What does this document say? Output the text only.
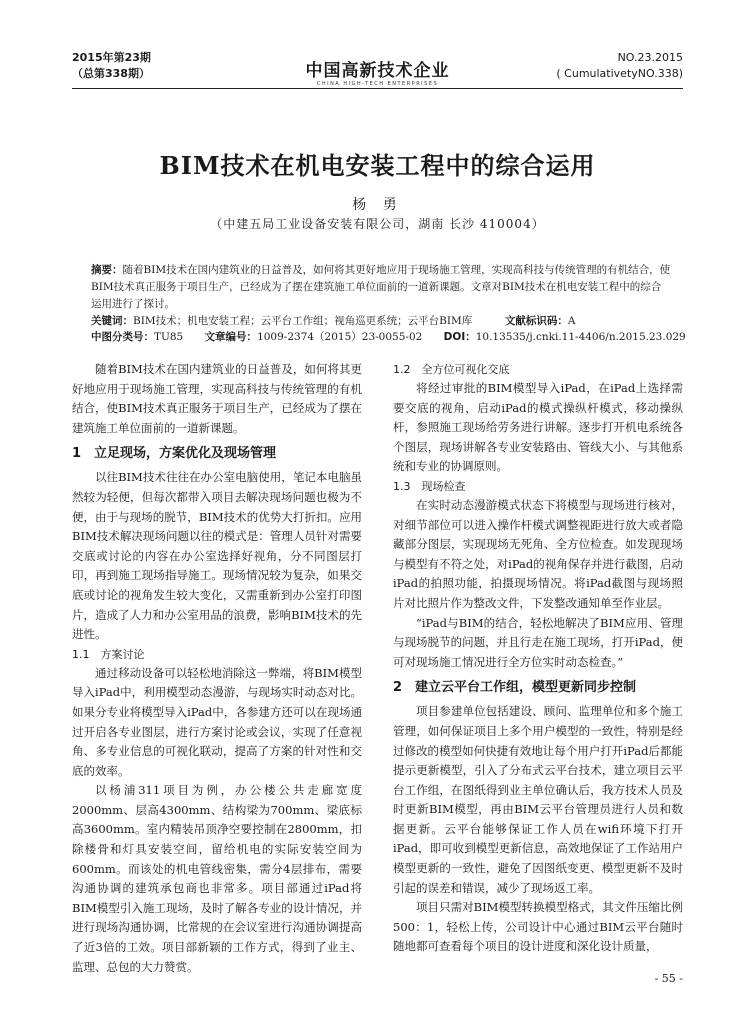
2015年第23期
（总第338期）	中国高新技术企业
CHINA HIGH-TECH ENTERPRISES
NO.23.2015
( CumulativetyNO.338)
BIM技术在机电安装工程中的综合运用
杨 勇
（中建五局工业设备安装有限公司，湖南 长沙 410004）
摘要：随着BIM技术在国内建筑业的日益普及，如何将其更好地应用于现场施工管理，实现高科技与传统管理的有机结合，使BIM技术真正服务于项目生产，已经成为了摆在建筑施工单位面前的一道新课题。文章对BIM技术在机电安装工程中的综合运用进行了探讨。
关键词：BIM技术；机电安装工程；云平台工作组；视角巡更系统；云平台BIM库	文献标识码：A
中图分类号：TU85 文章编号：1009-2374（2015）23-0055-02 DOI：10.13535/j.cnki.11-4406/n.2015.23.029

随着BIM技术在国内建筑业的日益普及，如何将其更好地应用于现场施工管理，实现高科技与传统管理的有机结合，使BIM技术真正服务于项目生产，已经成为了摆在建筑施工单位面前的一道新课题。

1　立足现场，方案优化及现场管理

以往BIM技术往往在办公室电脑使用，笔记本电脑虽然较为轻便，但每次都带入项目去解决现场问题也极为不便，由于与现场的脱节，BIM技术的优势大打折扣。应用BIM技术解决现场问题以往的模式是：管理人员针对需要交底或讨论的内容在办公室选择好视角，分不同图层打印，再到施工现场指导施工。现场情况较为复杂，如果交底或讨论的视角发生较大变化，又需重新到办公室打印图片，造成了人力和办公室用品的浪费，影响BIM技术的先进性。

1.1　方案讨论

通过移动设备可以轻松地消除这一弊端，将BIM模型导入iPad中，利用模型动态漫游，与现场实时动态对比。如果分专业将模型导入iPad中，各参建方还可以在现场通过开启各专业图层，进行方案讨论或会议，实现了任意视角、多专业信息的可视化联动，提高了方案的针对性和交底的效率。

以杨浦311项目为例，办公楼公共走廊宽度2000mm、层高4300mm、结构梁为700mm、梁底标高3600mm。室内精装吊顶净空要控制在2800mm，扣除楼骨和灯具安装空间，留给机电的实际安装空间为600mm。而该处的机电管线密集，需分4层排布，需要沟通协调的建筑承包商也非常多。项目部通过iPad将BIM模型引入施工现场，及时了解各专业的设计情况，并进行现场沟通协调，比常规的在会议室进行沟通协调提高了近3倍的工效。项目部新颖的工作方式，得到了业主、监理、总包的大力赞赏。

1.2　全方位可视化交底

将经过审批的BIM模型导入iPad，在iPad上选择需要交底的视角，启动iPad的模式操纵杆模式，移动操纵杆，参照施工现场给劳务进行讲解。逐步打开机电系统各个图层，现场讲解各专业安装路由、管线大小、与其他系统和专业的协调原则。

1.3　现场检查

在实时动态漫游模式状态下将模型与现场进行核对，对细节部位可以进入操作杆模式调整视距进行放大或者隐藏部分图层，实现现场无死角、全方位检查。如发现现场与模型有不符之处，对iPad的视角保存并进行截图，启动iPad的拍照功能，拍摄现场情况。将iPad截图与现场照片对比照片作为整改文件，下发整改通知单至作业层。

“iPad与BIM的结合，轻松地解决了BIM应用、管理与现场脱节的问题，并且行走在施工现场，打开iPad，便可对现场施工情况进行全方位实时动态检查。”

2　建立云平台工作组，模型更新同步控制

项目参建单位包括建设、顾问、监理单位和多个施工管理，如何保证项目上多个用户模型的一致性，特别是经过修改的模型如何快捷有效地让每个用户打开iPad后都能提示更新模型，引入了分布式云平台技术，建立项目云平台工作组，在图纸得到业主单位确认后，我方技术人员及时更新BIM模型，再由BIM云平台管理员进行人员和数据更新。云平台能够保证工作人员在wifi环境下打开iPad，即可收到模型更新信息，高效地保证了工作站用户模型更新的一致性，避免了因图纸变更、模型更新不及时引起的误差和错误，减少了现场返工率。

项目只需对BIM模型转换模型格式，其文件压缩比例500：1，轻松上传，公司设计中心通过BIM云平台随时随地都可查看每个项目的设计进度和深化设计质量，

- 55 -
